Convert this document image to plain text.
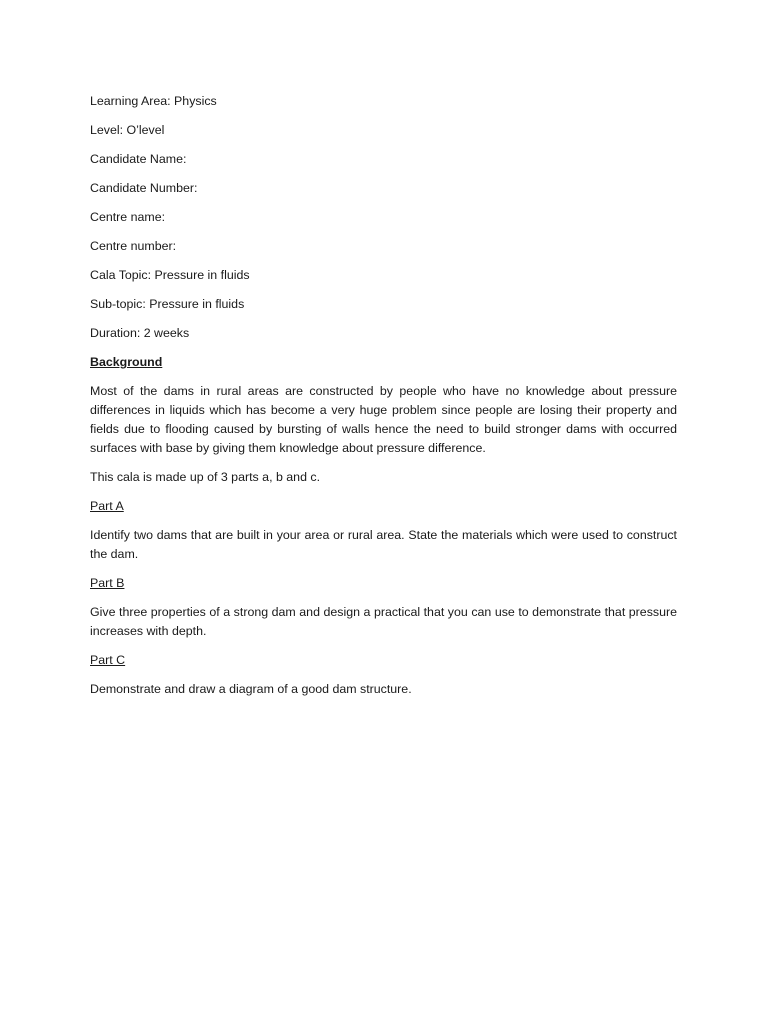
Learning Area: Physics
Level: O’level
Candidate Name:
Candidate Number:
Centre name:
Centre number:
Cala Topic: Pressure in fluids
Sub-topic: Pressure in fluids
Duration: 2 weeks
Background
Most of the dams in rural areas are constructed by people who have no knowledge about pressure differences in liquids which has become a very huge problem since people are losing their property and fields due to flooding caused by bursting of walls hence the need to build stronger dams with occurred surfaces with base by giving them knowledge about pressure difference.
This cala is made up of 3 parts a, b and c.
Part A
Identify two dams that are built in your area or rural area. State the materials which were used to construct the dam.
Part B
Give three properties of a strong dam and design a practical that you can use to demonstrate that pressure increases with depth.
Part C
Demonstrate and draw a diagram of a good dam structure.
